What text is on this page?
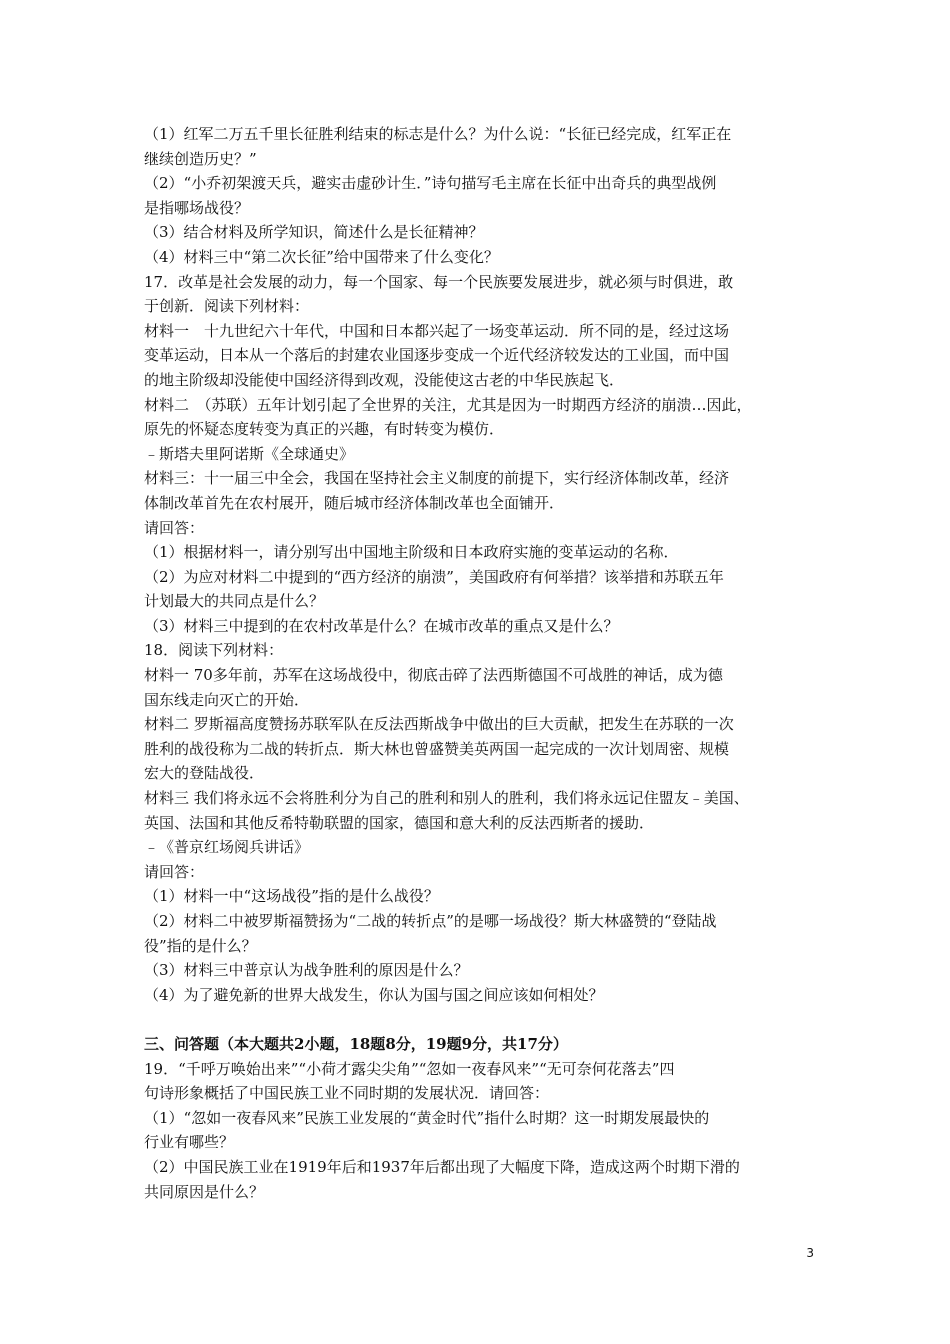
（1）红军二万五千里长征胜利结束的标志是什么？为什么说：“长征已经完成，红军正在
继续创造历史？”
（2）“小乔初架渡天兵，避实击虚砂计生．”诗句描写毛主席在长征中出奇兵的典型战例
是指哪场战役？
（3）结合材料及所学知识，简述什么是长征精神？
（4）材料三中“第二次长征”给中国带来了什么变化？
17．改革是社会发展的动力，每一个国家、每一个民族要发展进步，就必须与时俱进，敢
于创新．阅读下列材料：
材料一　十九世纪六十年代，中国和日本都兴起了一场变革运动．所不同的是，经过这场
变革运动，日本从一个落后的封建农业国逐步变成一个近代经济较发达的工业国，而中国
的地主阶级却没能使中国经济得到改观，没能使这古老的中华民族起飞．
材料二　（苏联）五年计划引起了全世界的关注，尤其是因为一时期西方经济的崩溃…因此，
原先的怀疑态度转变为真正的兴趣，有时转变为模仿．
﹣斯塔夫里阿诺斯《全球通史》
材料三：十一届三中全会，我国在坚持社会主义制度的前提下，实行经济体制改革，经济
体制改革首先在农村展开，随后城市经济体制改革也全面铺开．
请回答：
（1）根据材料一，请分别写出中国地主阶级和日本政府实施的变革运动的名称．
（2）为应对材料二中提到的“西方经济的崩溃”，美国政府有何举措？该举措和苏联五年
计划最大的共同点是什么？
（3）材料三中提到的在农村改革是什么？在城市改革的重点又是什么？
18．阅读下列材料：
材料一 70多年前，苏军在这场战役中，彻底击碎了法西斯德国不可战胜的神话，成为德
国东线走向灭亡的开始．
材料二 罗斯福高度赞扬苏联军队在反法西斯战争中做出的巨大贡献，把发生在苏联的一次
胜利的战役称为二战的转折点．斯大林也曾盛赞美英两国一起完成的一次计划周密、规模
宏大的登陆战役．
材料三 我们将永远不会将胜利分为自己的胜利和别人的胜利，我们将永远记住盟友﹣美国、
英国、法国和其他反希特勒联盟的国家，德国和意大利的反法西斯者的援助．
﹣《普京红场阅兵讲话》
请回答：
（1）材料一中“这场战役”指的是什么战役？
（2）材料二中被罗斯福赞扬为“二战的转折点”的是哪一场战役？斯大林盛赞的“登陆战
役”指的是什么？
（3）材料三中普京认为战争胜利的原因是什么？
（4）为了避免新的世界大战发生，你认为国与国之间应该如何相处？
三、问答题（本大题共2小题，18题8分，19题9分，共17分）
19．“千呼万唤始出来”“小荷才露尖尖角”“忽如一夜春风来”“无可奈何花落去”四
句诗形象概括了中国民族工业不同时期的发展状况．请回答：
（1）“忽如一夜春风来”民族工业发展的“黄金时代”指什么时期？这一时期发展最快的
行业有哪些？
（2）中国民族工业在1919年后和1937年后都出现了大幅度下降，造成这两个时期下滑的
共同原因是什么？
3
